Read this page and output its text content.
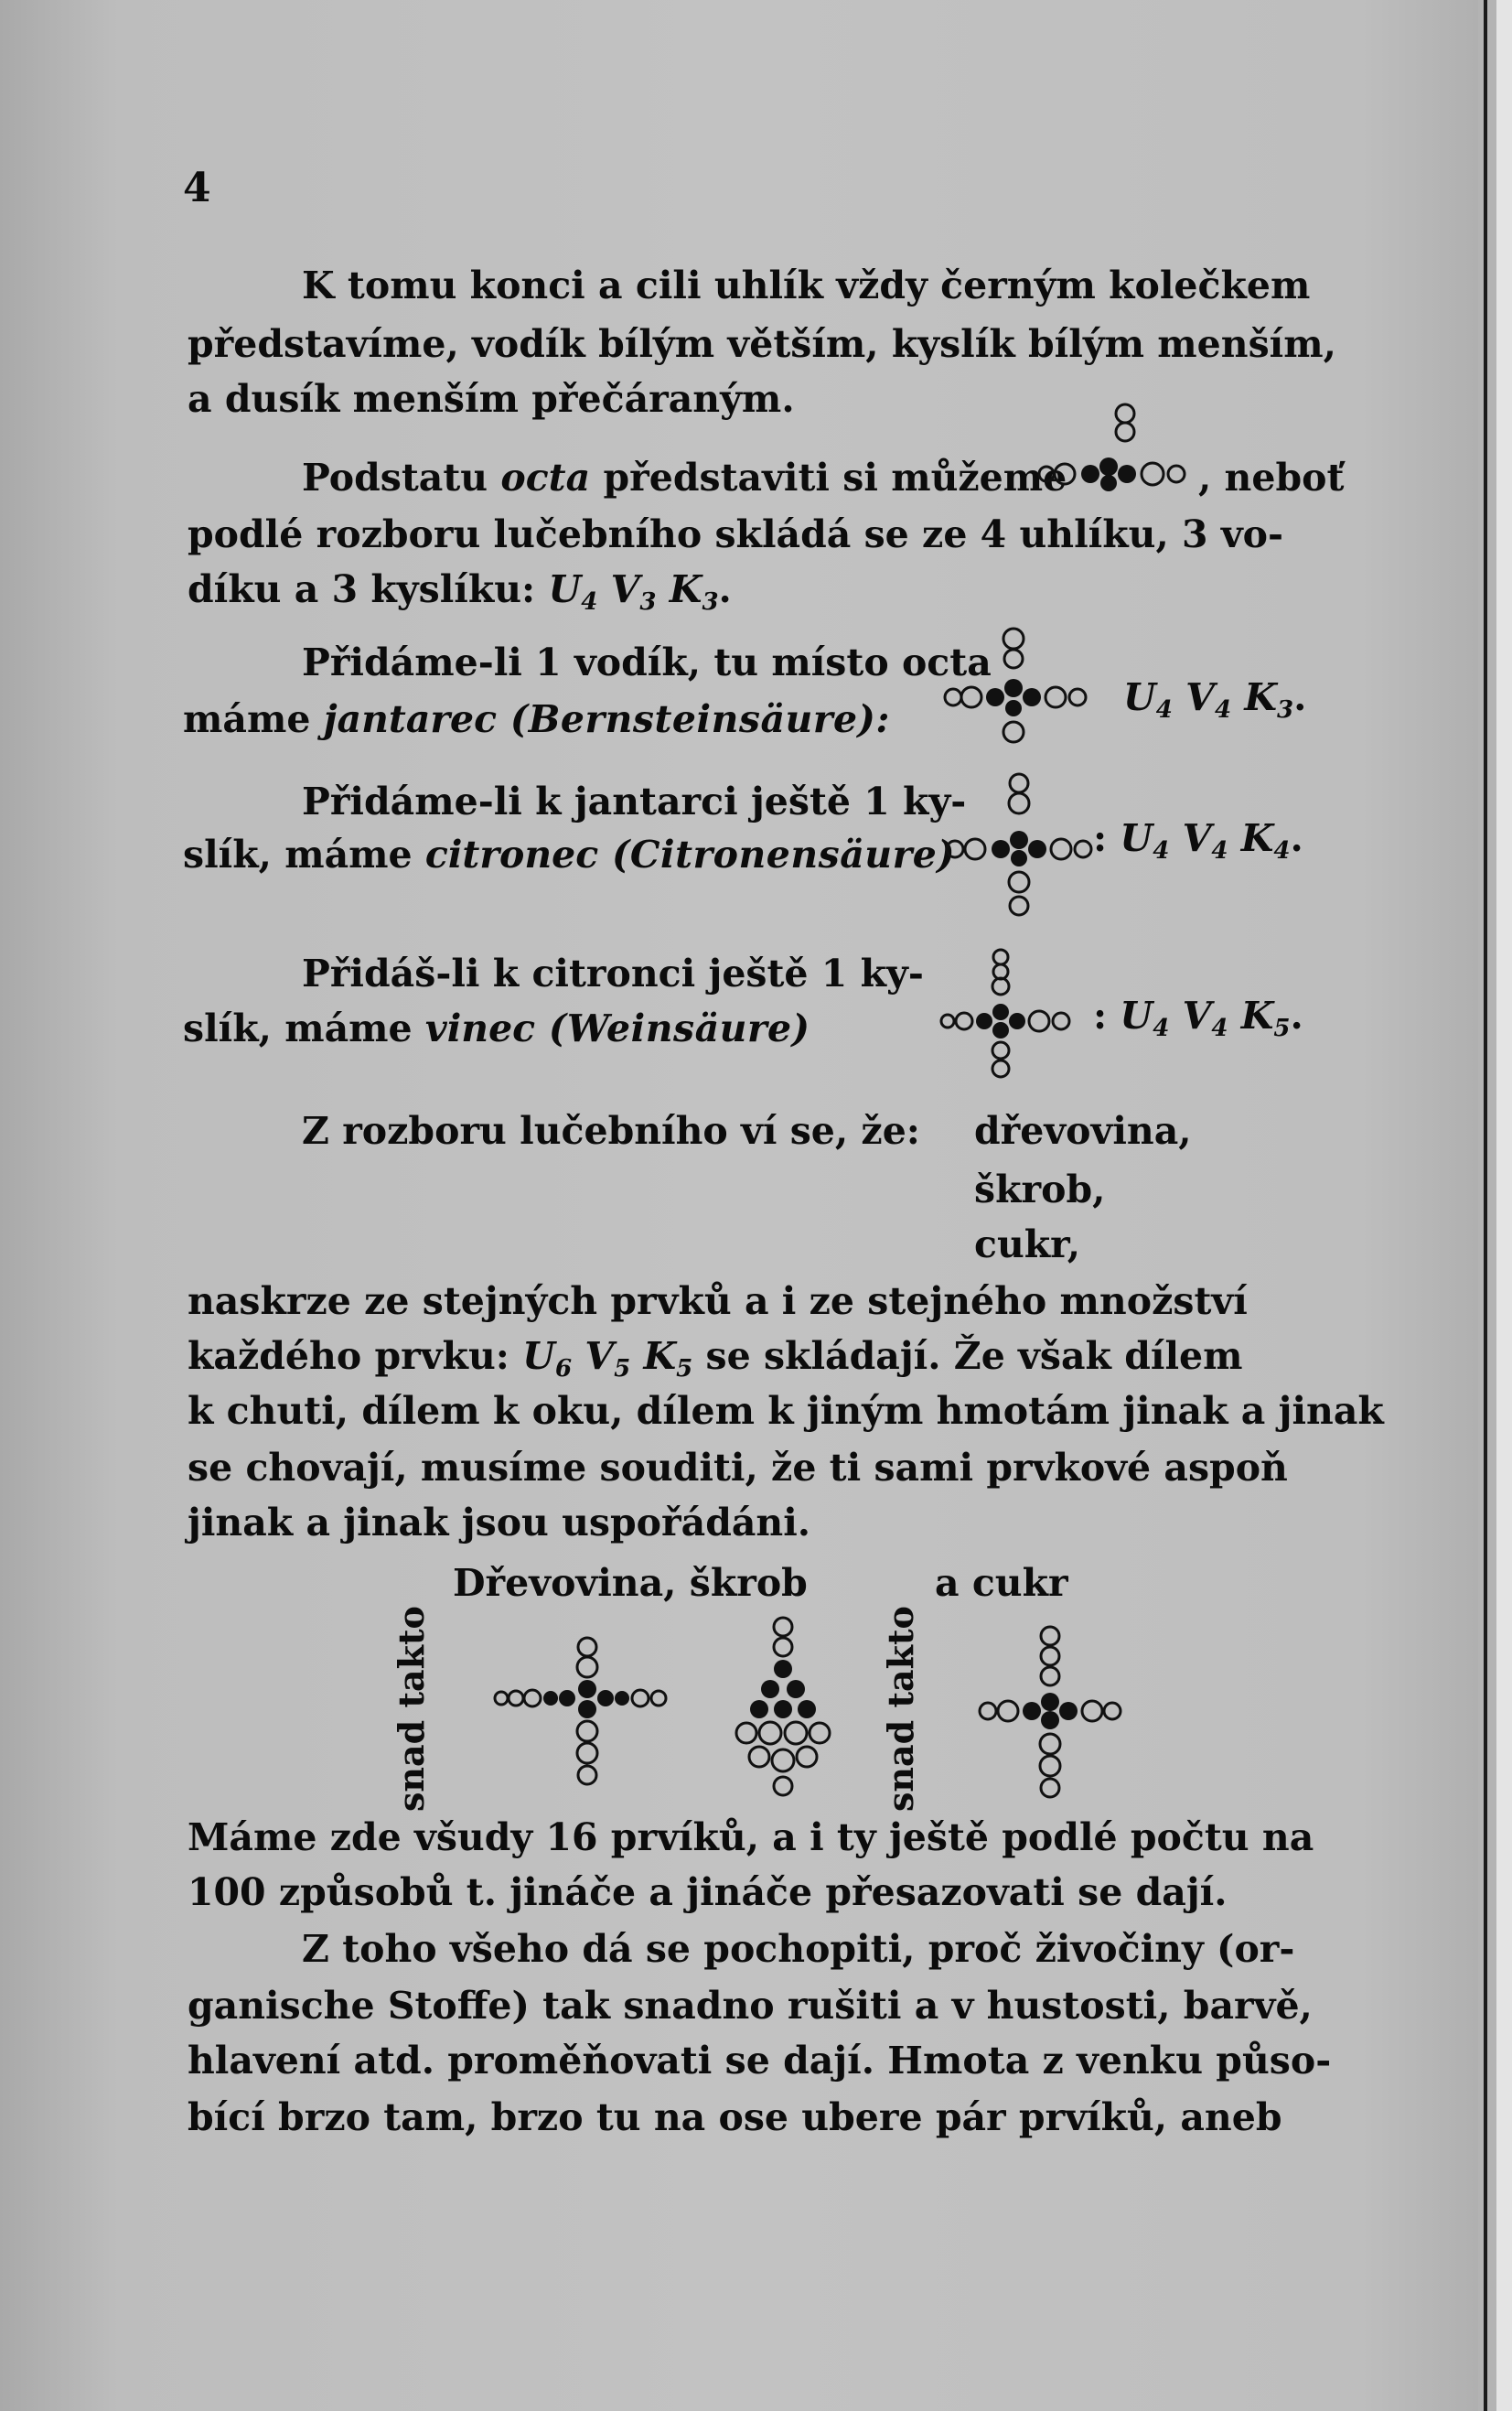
4
K tomu konci a cili uhlík vždy černým kolečkem
představíme, vodík bílým větším, kyslík bílým menším,
a dusík menším přečáraným.
Podstatu octa představiti si můžeme	, neboť
podlé rozboru lučebního skládá se ze 4 uhlíku, 3 vo-
díku a 3 kyslíku: $U_4$ $V_3$ $K_3$.
Přidáme-li 1 vodík, tu místo octa
máme jantarec (Bernsteinsäure):	$U_4$ $V_4$ $K_3$.
Přidáme-li k jantarci ještě 1 ky-
slík, máme citronec (Citronensäure)	: $U_4$ $V_4$ $K_4$.
Přidáš-li k citronci ještě 1 ky-
slík, máme vinec (Weinsäure)	: $U_4$ $V_4$ $K_5$.
Z rozboru lučebního ví se, že: dřevovina,
škrob,
cukr,
naskrze ze stejných prvků a i ze stejného množství
každého prvku: $U_6$ $V_5$ $K_5$ se skládají. Že však dílem
k chuti, dílem k oku, dílem k jiným hmotám jinak a jinak
se chovají, musíme souditi, že ti sami prvkové aspoň
jinak a jinak jsou uspořádáni.
Dřevovina, škrob	a cukr
snad takto	snad takto
Máme zde všudy 16 prvíků, a i ty ještě podlé počtu na
100 způsobů t. jináče a jináče přesazovati se dají.
Z toho všeho dá se pochopiti, proč živočiny (or-
ganische Stoffe) tak snadno rušiti a v hustosti, barvě,
hlavení atd. proměňovati se dají. Hmota z venku půso-
bící brzo tam, brzo tu na ose ubere pár prvíků, aneb
